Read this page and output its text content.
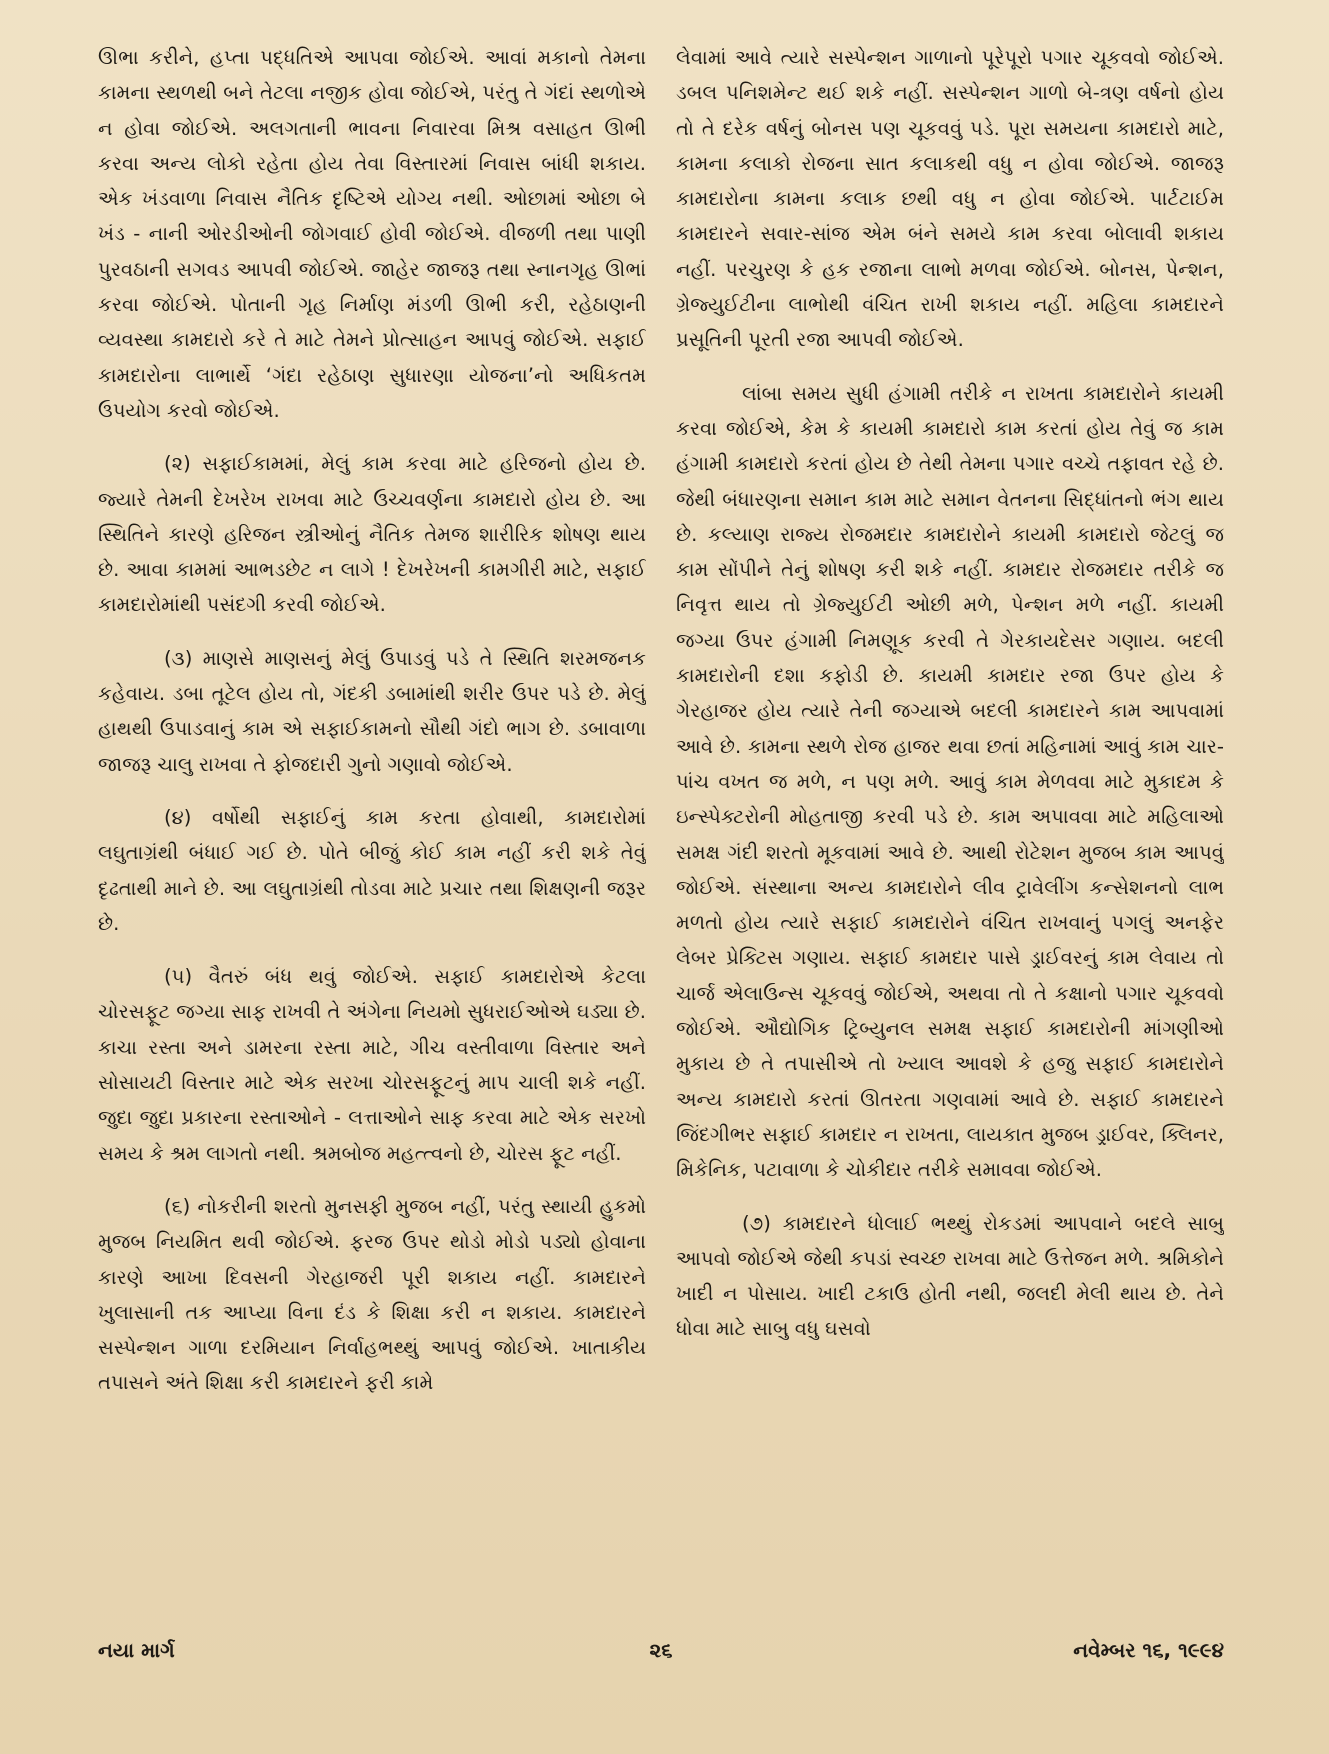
ઊભા કરીને, હપ્તા પદ્ધતિએ આપવા જોઈએ. આવાં મકાનો તેમના કામના સ્થળથી બને તેટલા નજીક હોવા જોઈએ, પરંતુ તે ગંદાં સ્થળોએ ન હોવા જોઈએ. અલગતાની ભાવના નિવારવા મિશ્ર વસાહત ઊભી કરવા અન્ય લોકો રહેતા હોય તેવા વિસ્તારમાં નિવાસ બાંધી શકાય. એક ખંડવાળા નિવાસ નૈતિક દૃષ્ટિએ યોગ્ય નથી. ઓછામાં ઓછા બે ખંડ - નાની ઓરડીઓની જોગવાઈ હોવી જોઈએ. વીજળી તથા પાણી પુરવઠાની સગવડ આપવી જોઈએ. જાહેર જાજરૂ તથા સ્નાનગૃહ ઊભાં કરવા જોઈએ. પોતાની ગૃહ નિર્માણ મંડળી ઊભી કરી, રહેઠાણની વ્યવસ્થા કામદારો કરે તે માટે તેમને પ્રોત્સાહન આપવું જોઈએ. સફાઈ કામદારોના લાભાર્થે ‘ગંદા રહેઠાણ સુધારણા યોજના’નો અધિકતમ ઉપયોગ કરવો જોઈએ.

(૨) સફાઈકામમાં, મેલું કામ કરવા માટે હરિજનો હોય છે. જ્યારે તેમની દેખરેખ રાખવા માટે ઉચ્ચવર્ણના કામદારો હોય છે. આ સ્થિતિને કારણે હરિજન સ્ત્રીઓનું નૈતિક તેમજ શારીરિક શોષણ થાય છે. આવા કામમાં આભડછેટ ન લાગે ! દેખરેખની કામગીરી માટે, સફાઈ કામદારોમાંથી પસંદગી કરવી જોઈએ.

(૩) માણસે માણસનું મેલું ઉપાડવું પડે તે સ્થિતિ શરમજનક કહેવાય. ડબા તૂટેલ હોય તો, ગંદકી ડબામાંથી શરીર ઉપર પડે છે. મેલું હાથથી ઉપાડવાનું કામ એ સફાઈકામનો સૌથી ગંદો ભાગ છે. ડબાવાળા જાજરૂ ચાલુ રાખવા તે ફોજદારી ગુનો ગણાવો જોઈએ.

(૪) વર્ષોથી સફાઈનું કામ કરતા હોવાથી, કામદારોમાં લઘુતાગ્રંથી બંધાઈ ગઈ છે. પોતે બીજું કોઈ કામ નહીં કરી શકે તેવું દૃઢતાથી માને છે. આ લઘુતાગ્રંથી તોડવા માટે પ્રચાર તથા શિક્ષણની જરૂર છે.

(૫) વૈતરું બંધ થવું જોઈએ. સફાઈ કામદારોએ કેટલા ચોરસફૂટ જગ્યા સાફ રાખવી તે અંગેના નિયમો સુધરાઈઓએ ઘડ્યા છે. કાચા રસ્તા અને ડામરના રસ્તા માટે, ગીચ વસ્તીવાળા વિસ્તાર અને સોસાયટી વિસ્તાર માટે એક સરખા ચોરસફૂટનું માપ ચાલી શકે નહીં. જુદા જુદા પ્રકારના રસ્તાઓને - લત્તાઓને સાફ કરવા માટે એક સરખો સમય કે શ્રમ લાગતો નથી. શ્રમબોજ મહત્ત્વનો છે, ચોરસ ફૂટ નહીં.

(૬) નોકરીની શરતો મુનસફી મુજબ નહીં, પરંતુ સ્થાયી હુકમો મુજબ નિયમિત થવી જોઈએ. ફરજ ઉપર થોડો મોડો પડ્યો હોવાના કારણે આખા દિવસની ગેરહાજરી પૂરી શકાય નહીં. કામદારને ખુલાસાની તક આપ્યા વિના દંડ કે શિક્ષા કરી ન શકાય. કામદારને સસ્પેન્શન ગાળા દરમિયાન નિર્વાહભથ્થું આપવું જોઈએ. ખાતાકીય તપાસને અંતે શિક્ષા કરી કામદારને ફરી કામે

લેવામાં આવે ત્યારે સસ્પેન્શન ગાળાનો પૂરેપૂરો પગાર ચૂકવવો જોઈએ. ડબલ પનિશમેન્ટ થઈ શકે નહીં. સસ્પેન્શન ગાળો બે-ત્રણ વર્ષનો હોય તો તે દરેક વર્ષનું બોનસ પણ ચૂકવવું પડે. પૂરા સમયના કામદારો માટે, કામના કલાકો રોજના સાત કલાકથી વધુ ન હોવા જોઈએ. જાજરૂ કામદારોના કામના કલાક છથી વધુ ન હોવા જોઈએ. પાર્ટટાઈમ કામદારને સવાર-સાંજ એમ બંને સમયે કામ કરવા બોલાવી શકાય નહીં. પરચુરણ કે હક રજાના લાભો મળવા જોઈએ. બોનસ, પેન્શન, ગ્રેજ્યુઈટીના લાભોથી વંચિત રાખી શકાય નહીં. મહિલા કામદારને પ્રસૂતિની પૂરતી રજા આપવી જોઈએ.

લાંબા સમય સુધી હંગામી તરીકે ન રાખતા કામદારોને કાયમી કરવા જોઈએ, કેમ કે કાયમી કામદારો કામ કરતાં હોય તેવું જ કામ હંગામી કામદારો કરતાં હોય છે તેથી તેમના પગાર વચ્ચે તફાવત રહે છે. જેથી બંધારણના સમાન કામ માટે સમાન વેતનના સિદ્ધાંતનો ભંગ થાય છે. કલ્યાણ રાજ્ય રોજમદાર કામદારોને કાયમી કામદારો જેટલું જ કામ સોંપીને તેનું શોષણ કરી શકે નહીં. કામદાર રોજમદાર તરીકે જ નિવૃત્ત થાય તો ગ્રેજ્યુઈટી ઓછી મળે, પેન્શન મળે નહીં. કાયમી જગ્યા ઉપર હંગામી નિમણૂક કરવી તે ગેરકાયદેસર ગણાય. બદલી કામદારોની દશા કફોડી છે. કાયમી કામદાર રજા ઉપર હોય કે ગેરહાજર હોય ત્યારે તેની જગ્યાએ બદલી કામદારને કામ આપવામાં આવે છે. કામના સ્થળે રોજ હાજર થવા છતાં મહિનામાં આવું કામ ચાર-પાંચ વખત જ મળે, ન પણ મળે. આવું કામ મેળવવા માટે મુકાદમ કે ઇન્સ્પેક્ટરોની મોહતાજી કરવી પડે છે. કામ અપાવવા માટે મહિલાઓ સમક્ષ ગંદી શરતો મૂકવામાં આવે છે. આથી રોટેશન મુજબ કામ આપવું જોઈએ. સંસ્થાના અન્ય કામદારોને લીવ ટ્રાવેલીંગ કન્સેશનનો લાભ મળતો હોય ત્યારે સફાઈ કામદારોને વંચિત રાખવાનું પગલું અનફેર લેબર પ્રેક્ટિસ ગણાય. સફાઈ કામદાર પાસે ડ્રાઈવરનું કામ લેવાય તો ચાર્જ એલાઉન્સ ચૂકવવું જોઈએ, અથવા તો તે કક્ષાનો પગાર ચૂકવવો જોઈએ. ઔદ્યોગિક ટ્રિબ્યુનલ સમક્ષ સફાઈ કામદારોની માંગણીઓ મુકાય છે તે તપાસીએ તો ખ્યાલ આવશે કે હજુ સફાઈ કામદારોને અન્ય કામદારો કરતાં ઊતરતા ગણવામાં આવે છે. સફાઈ કામદારને જિંદગીભર સફાઈ કામદાર ન રાખતા, લાયકાત મુજબ ડ્રાઈવર, ક્લિનર, મિકેનિક, પટાવાળા કે ચોકીદાર તરીકે સમાવવા જોઈએ.

(૭) કામદારને ધોલાઈ ભથ્થું રોકડમાં આપવાને બદલે સાબુ આપવો જોઈએ જેથી કપડાં સ્વચ્છ રાખવા માટે ઉત્તેજન મળે. શ્રમિકોને ખાદી ન પોસાય. ખાદી ટકાઉ હોતી નથી, જલદી મેલી થાય છે. તેને ધોવા માટે સાબુ વધુ ઘસવો

નયા માર્ગ	૨૬	નવેમ્બર ૧૬, ૧૯૯૪
